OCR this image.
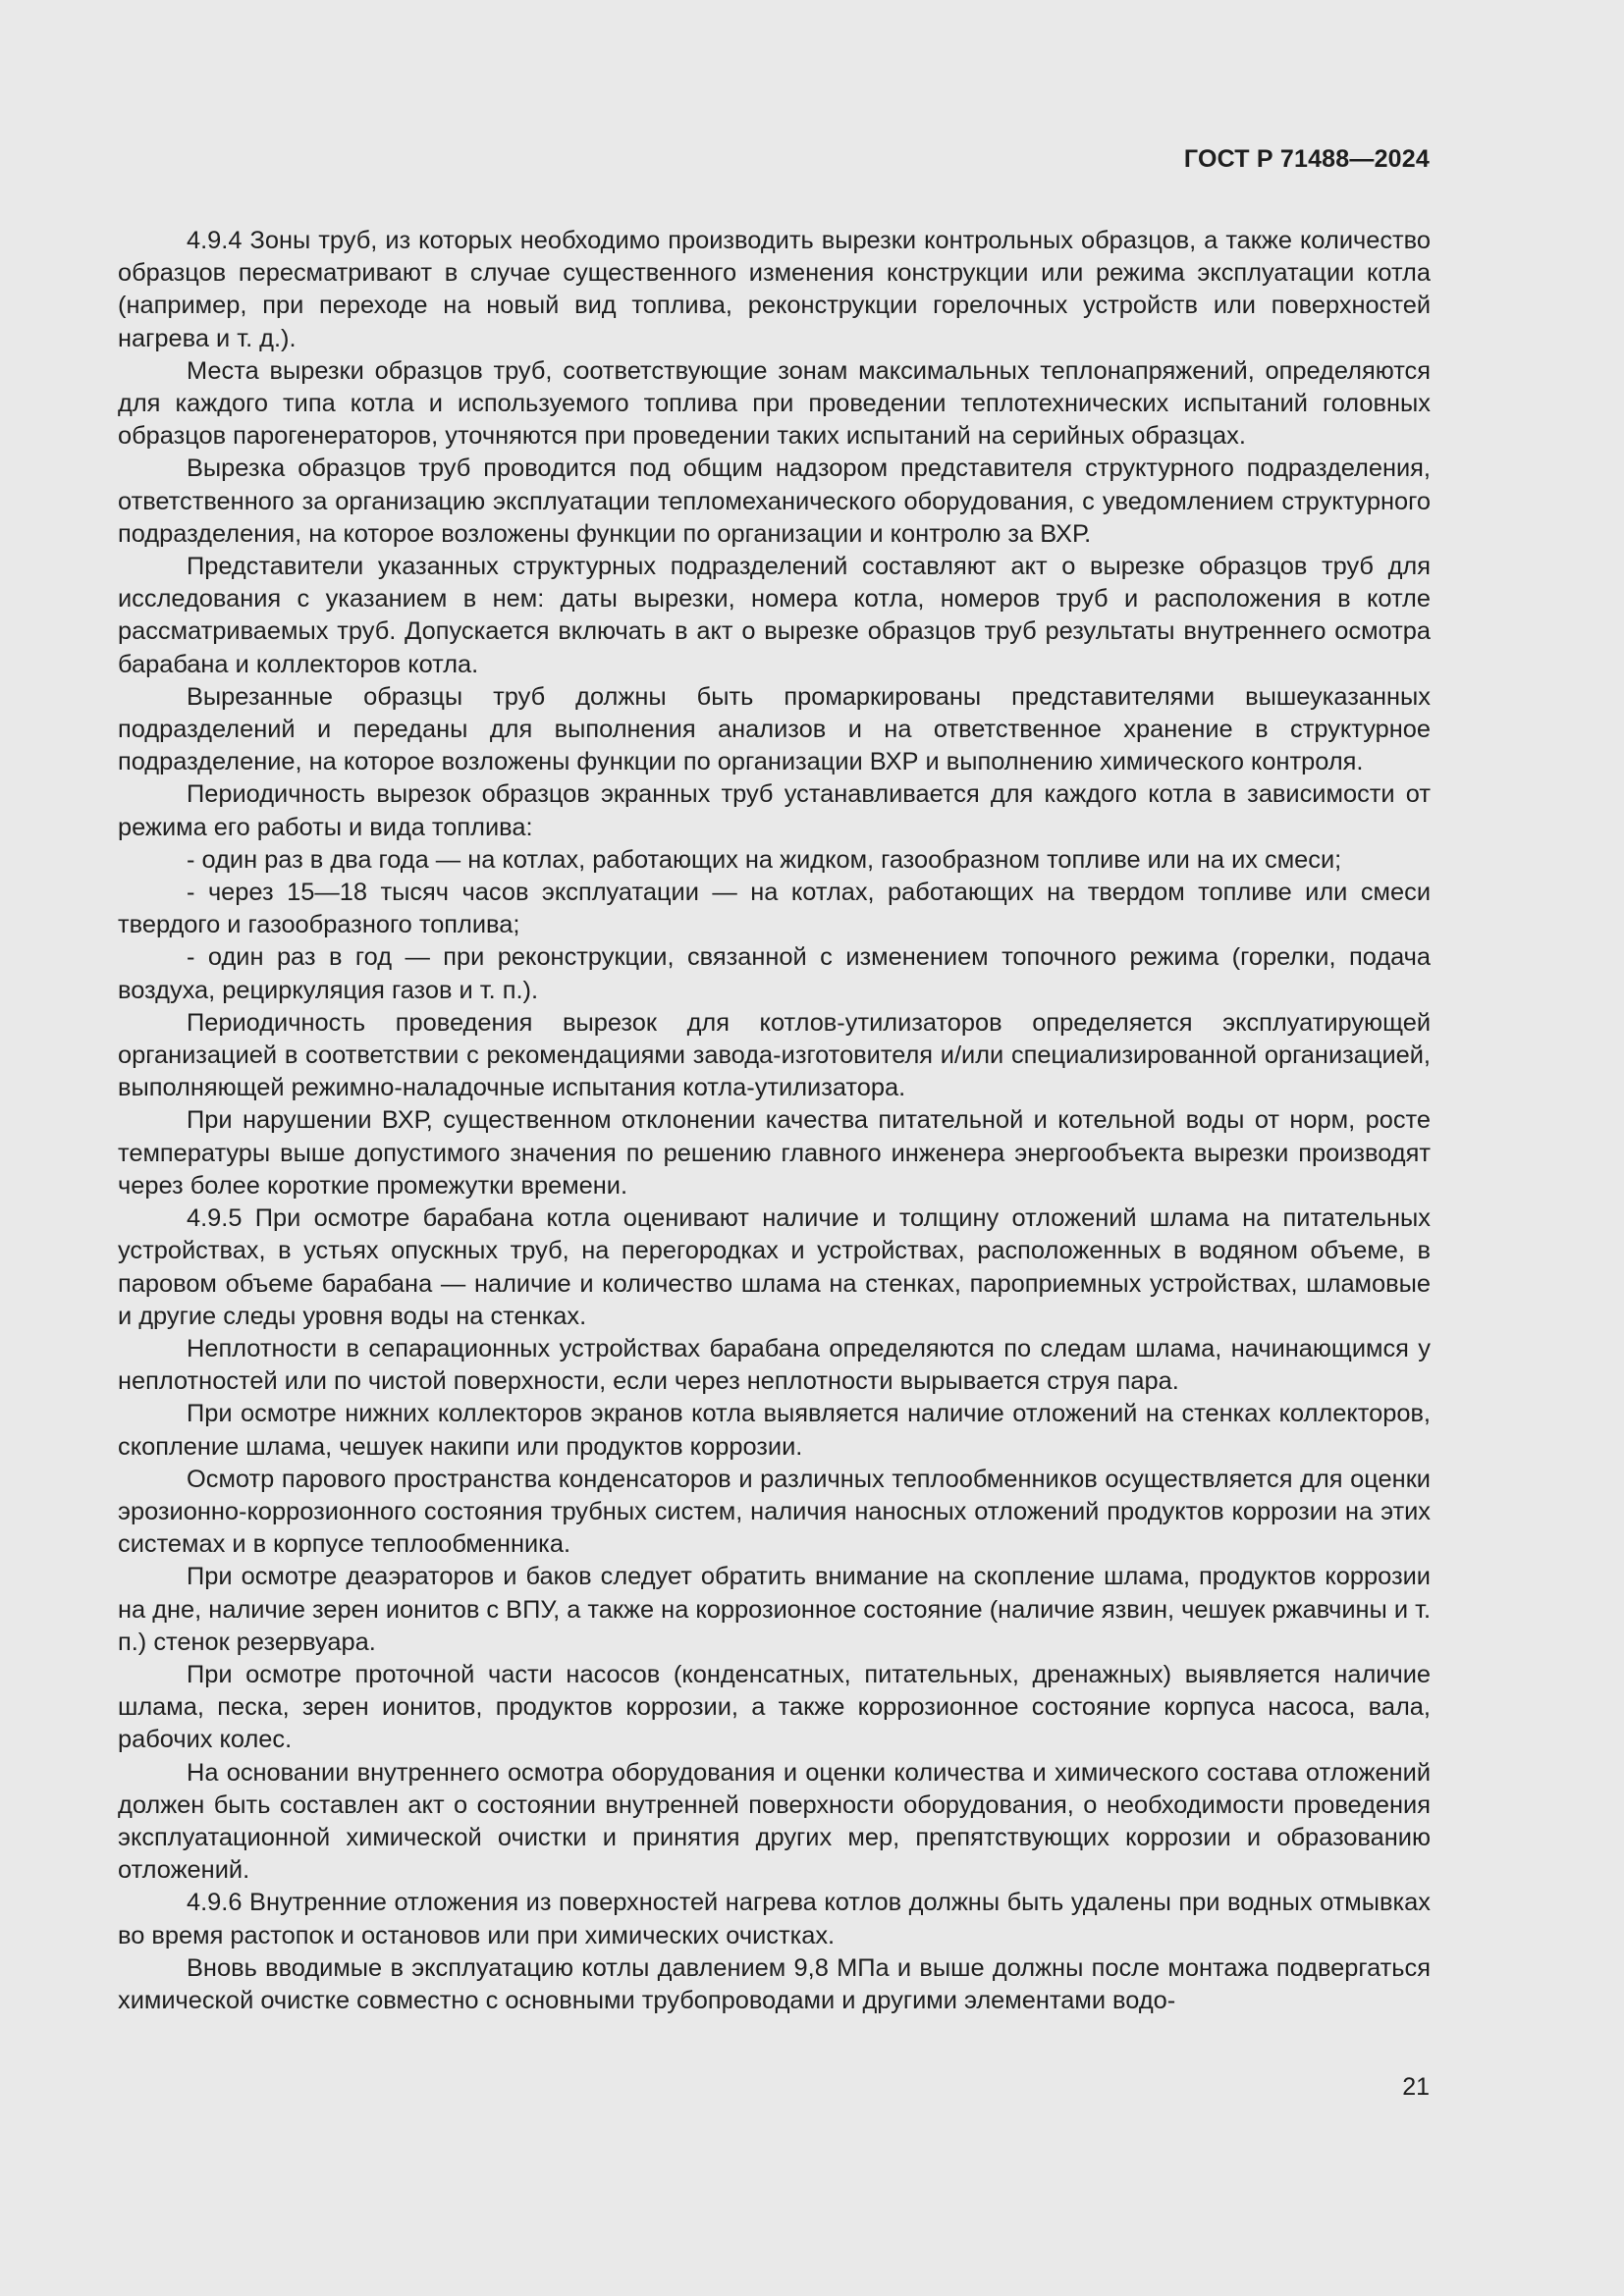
ГОСТ Р 71488—2024

4.9.4 Зоны труб, из которых необходимо производить вырезки контрольных образцов, а также количество образцов пересматривают в случае существенного изменения конструкции или режима эксплуатации котла (например, при переходе на новый вид топлива, реконструкции горелочных устройств или поверхностей нагрева и т. д.).

Места вырезки образцов труб, соответствующие зонам максимальных теплонапряжений, определяются для каждого типа котла и используемого топлива при проведении теплотехнических испытаний головных образцов парогенераторов, уточняются при проведении таких испытаний на серийных образцах.

Вырезка образцов труб проводится под общим надзором представителя структурного подразделения, ответственного за организацию эксплуатации тепломеханического оборудования, с уведомлением структурного подразделения, на которое возложены функции по организации и контролю за ВХР.

Представители указанных структурных подразделений составляют акт о вырезке образцов труб для исследования с указанием в нем: даты вырезки, номера котла, номеров труб и расположения в котле рассматриваемых труб. Допускается включать в акт о вырезке образцов труб результаты внутреннего осмотра барабана и коллекторов котла.

Вырезанные образцы труб должны быть промаркированы представителями вышеуказанных подразделений и переданы для выполнения анализов и на ответственное хранение в структурное подразделение, на которое возложены функции по организации ВХР и выполнению химического контроля.

Периодичность вырезок образцов экранных труб устанавливается для каждого котла в зависимости от режима его работы и вида топлива:

- один раз в два года — на котлах, работающих на жидком, газообразном топливе или на их смеси;

- через 15—18 тысяч часов эксплуатации — на котлах, работающих на твердом топливе или смеси твердого и газообразного топлива;

- один раз в год — при реконструкции, связанной с изменением топочного режима (горелки, подача воздуха, рециркуляция газов и т. п.).

Периодичность проведения вырезок для котлов-утилизаторов определяется эксплуатирующей организацией в соответствии с рекомендациями завода-изготовителя и/или специализированной организацией, выполняющей режимно-наладочные испытания котла-утилизатора.

При нарушении ВХР, существенном отклонении качества питательной и котельной воды от норм, росте температуры выше допустимого значения по решению главного инженера энергообъекта вырезки производят через более короткие промежутки времени.

4.9.5 При осмотре барабана котла оценивают наличие и толщину отложений шлама на питательных устройствах, в устьях опускных труб, на перегородках и устройствах, расположенных в водяном объеме, в паровом объеме барабана — наличие и количество шлама на стенках, пароприемных устройствах, шламовые и другие следы уровня воды на стенках.

Неплотности в сепарационных устройствах барабана определяются по следам шлама, начинающимся у неплотностей или по чистой поверхности, если через неплотности вырывается струя пара.

При осмотре нижних коллекторов экранов котла выявляется наличие отложений на стенках коллекторов, скопление шлама, чешуек накипи или продуктов коррозии.

Осмотр парового пространства конденсаторов и различных теплообменников осуществляется для оценки эрозионно-коррозионного состояния трубных систем, наличия наносных отложений продуктов коррозии на этих системах и в корпусе теплообменника.

При осмотре деаэраторов и баков следует обратить внимание на скопление шлама, продуктов коррозии на дне, наличие зерен ионитов с ВПУ, а также на коррозионное состояние (наличие язвин, чешуек ржавчины и т. п.) стенок резервуара.

При осмотре проточной части насосов (конденсатных, питательных, дренажных) выявляется наличие шлама, песка, зерен ионитов, продуктов коррозии, а также коррозионное состояние корпуса насоса, вала, рабочих колес.

На основании внутреннего осмотра оборудования и оценки количества и химического состава отложений должен быть составлен акт о состоянии внутренней поверхности оборудования, о необходимости проведения эксплуатационной химической очистки и принятия других мер, препятствующих коррозии и образованию отложений.

4.9.6 Внутренние отложения из поверхностей нагрева котлов должны быть удалены при водных отмывках во время растопок и остановов или при химических очистках.

Вновь вводимые в эксплуатацию котлы давлением 9,8 МПа и выше должны после монтажа подвергаться химической очистке совместно с основными трубопроводами и другими элементами водо-

21
